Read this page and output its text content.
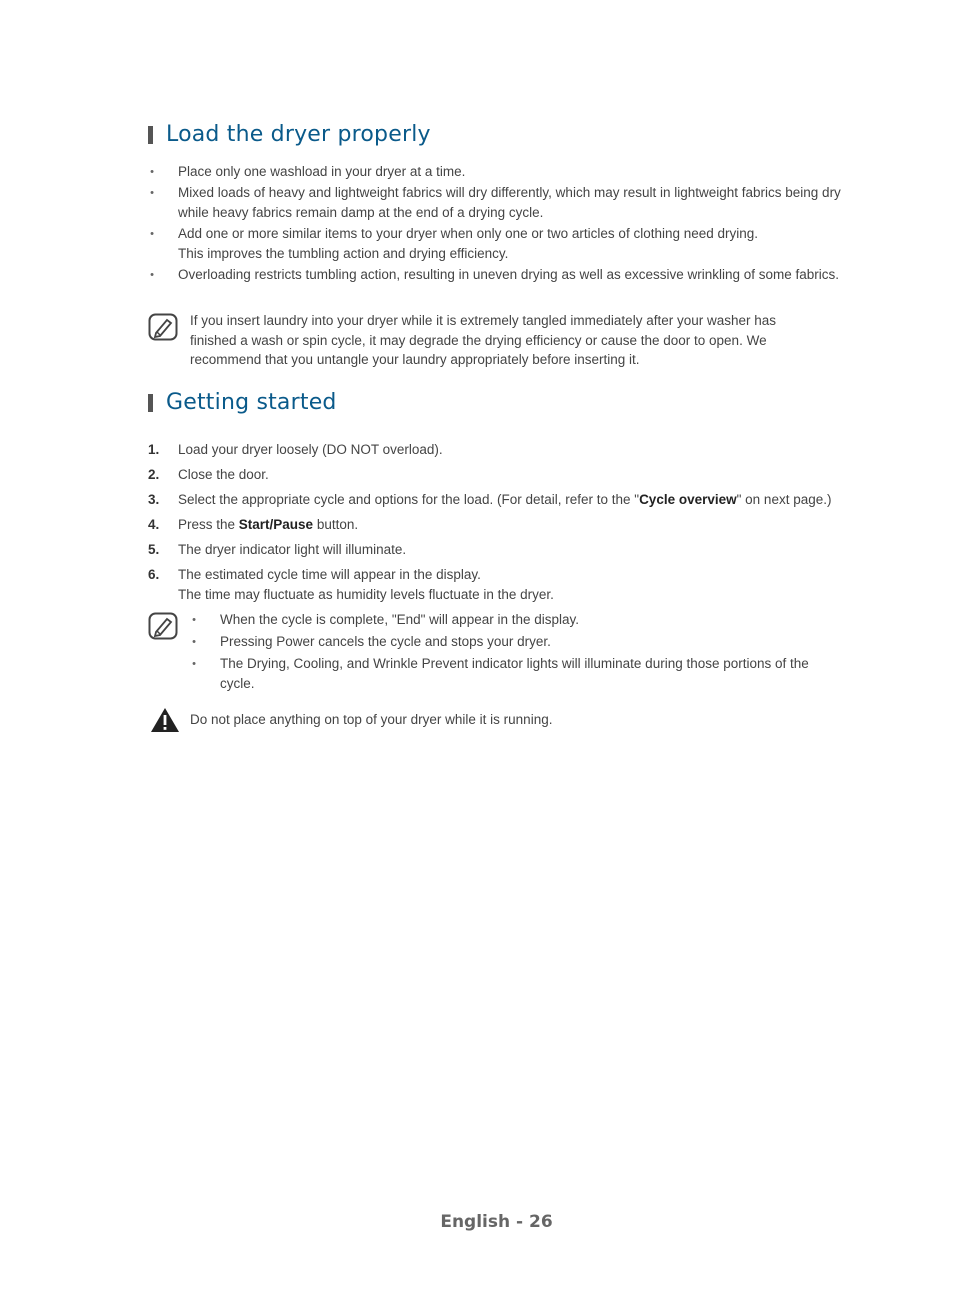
Load the dryer properly
• Place only one washload in your dryer at a time.
• Mixed loads of heavy and lightweight fabrics will dry differently, which may result in lightweight fabrics being dry while heavy fabrics remain damp at the end of a drying cycle.
• Add one or more similar items to your dryer when only one or two articles of clothing need drying.
This improves the tumbling action and drying efficiency.
• Overloading restricts tumbling action, resulting in uneven drying as well as excessive wrinkling of some fabrics.
If you insert laundry into your dryer while it is extremely tangled immediately after your washer has finished a wash or spin cycle, it may degrade the drying efficiency or cause the door to open. We recommend that you untangle your laundry appropriately before inserting it.
Getting started
1. Load your dryer loosely (DO NOT overload).
2. Close the door.
3. Select the appropriate cycle and options for the load. (For detail, refer to the "Cycle overview" on next page.)
4. Press the Start/Pause button.
5. The dryer indicator light will illuminate.
6. The estimated cycle time will appear in the display.
The time may fluctuate as humidity levels fluctuate in the dryer.
• When the cycle is complete, "End" will appear in the display.
• Pressing Power cancels the cycle and stops your dryer.
• The Drying, Cooling, and Wrinkle Prevent indicator lights will illuminate during those portions of the cycle.
Do not place anything on top of your dryer while it is running.
English - 26
